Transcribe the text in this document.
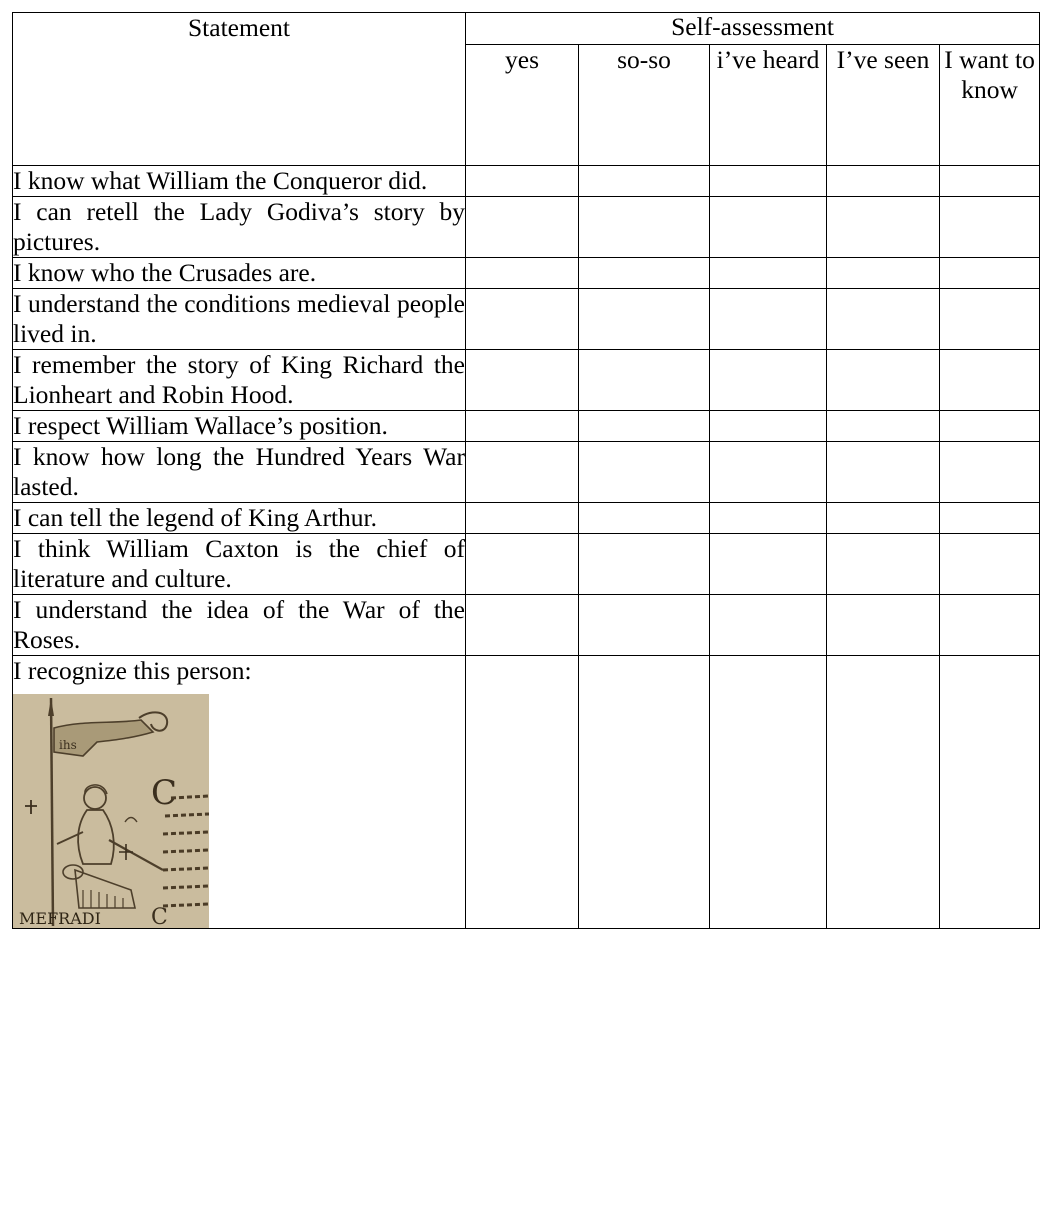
Statement	Self-assessment				
	yes	so-so	i’ve heard	I’ve seen	I want to know
I know what William the Conqueror did.					
I can retell the Lady Godiva’s story by pictures.					
I know who the Crusades are.					
I understand the conditions medieval people lived in.					
I remember the story of King Richard the Lionheart and Robin Hood.					
I respect William Wallace’s position.					
I know how long the Hundred Years War lasted.					
I can tell the legend of King Arthur.					
I think William Caxton is the chief of literature and culture.					
I understand the idea of the War of the Roses.					

I recognize this person:
ihs
C
MEFRADI C					
